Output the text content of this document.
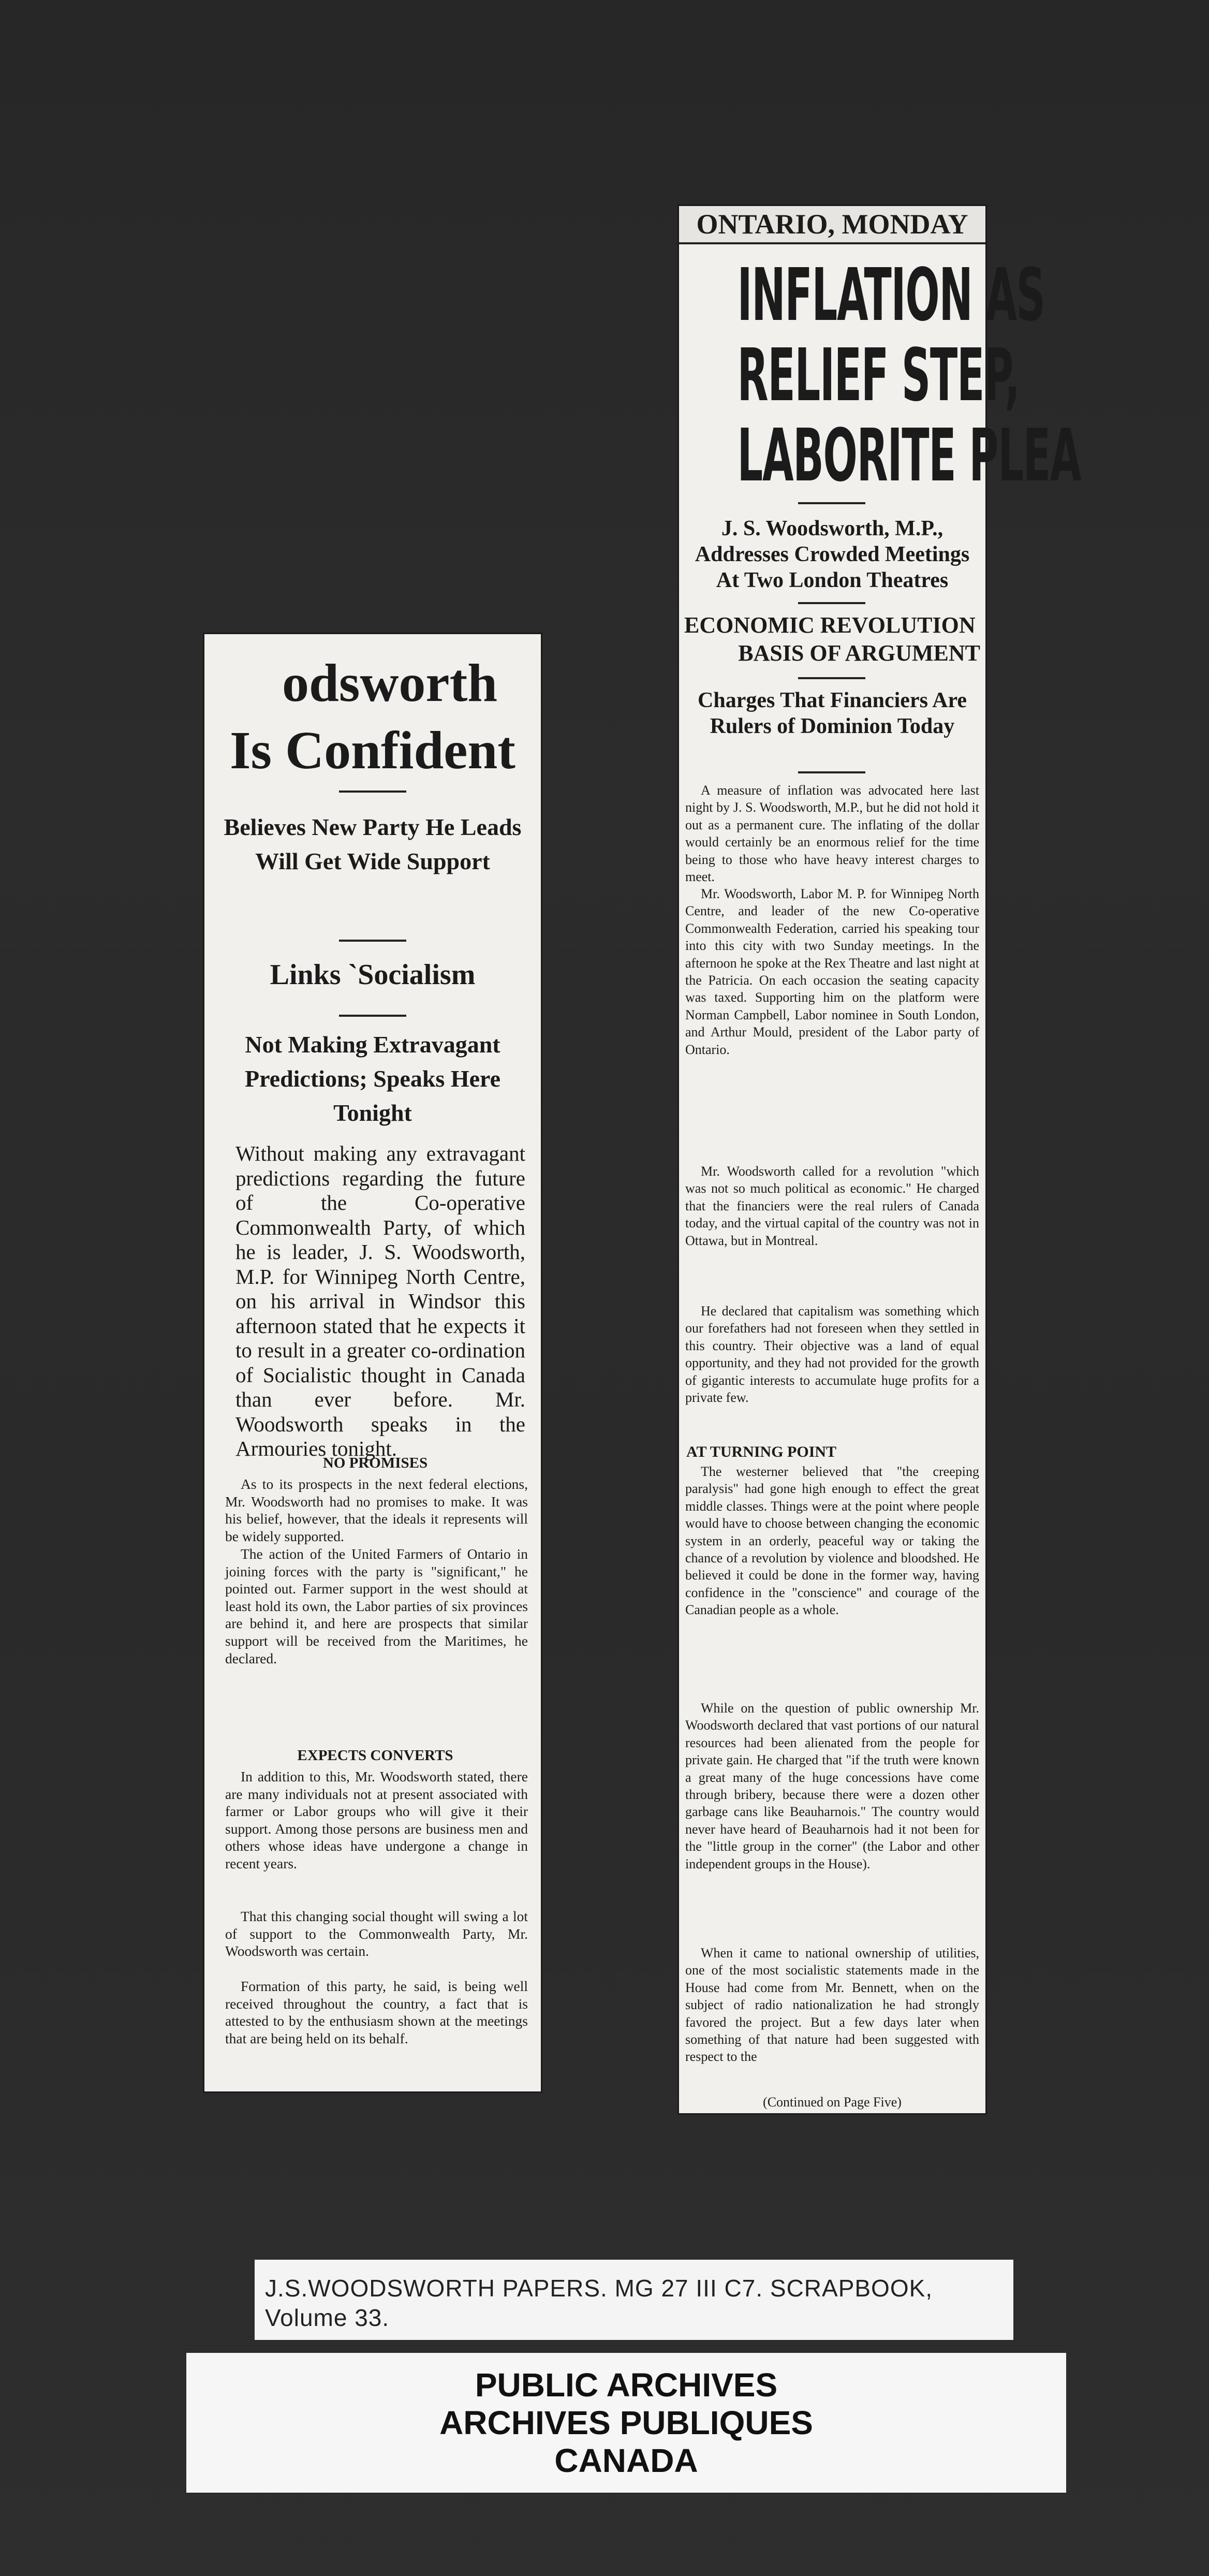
odsworth
Is Confident
Believes New Party He Leads Will Get Wide Support
Links `Socialism
Not Making Extravagant Predictions; Speaks Here Tonight

Without making any extravagant predictions regarding the future of the Co-operative Commonwealth Party, of which he is leader, J. S. Woodsworth, M.P. for Winnipeg North Centre, on his arrival in Windsor this afternoon stated that he expects it to result in a greater co-ordination of Socialistic thought in Canada than ever before. Mr. Woodsworth speaks in the Armouries tonight.

NO PROMISES

As to its prospects in the next federal elections, Mr. Woodsworth had no promises to make. It was his belief, however, that the ideals it represents will be widely supported.

The action of the United Farmers of Ontario in joining forces with the party is "significant," he pointed out. Farmer support in the west should at least hold its own, the Labor parties of six provinces are behind it, and here are prospects that similar support will be received from the Maritimes, he declared.

EXPECTS CONVERTS

In addition to this, Mr. Woodsworth stated, there are many individuals not at present associated with farmer or Labor groups who will give it their support. Among those persons are business men and others whose ideas have undergone a change in recent years.

That this changing social thought will swing a lot of support to the Commonwealth Party, Mr. Woodsworth was certain.

Formation of this party, he said, is being well received throughout the country, a fact that is attested to by the enthusiasm shown at the meetings that are being held on its behalf.

ONTARIO, MONDAY
INFLATION AS
RELIEF STEP,
LABORITE PLEA
J. S. Woodsworth, M.P., Addresses Crowded Meetings At Two London Theatres
ECONOMIC REVOLUTION
BASIS OF ARGUMENT
Charges That Financiers Are Rulers of Dominion Today

A measure of inflation was advocated here last night by J. S. Woodsworth, M.P., but he did not hold it out as a permanent cure. The inflating of the dollar would certainly be an enormous relief for the time being to those who have heavy interest charges to meet.

Mr. Woodsworth, Labor M. P. for Winnipeg North Centre, and leader of the new Co-operative Commonwealth Federation, carried his speaking tour into this city with two Sunday meetings. In the afternoon he spoke at the Rex Theatre and last night at the Patricia. On each occasion the seating capacity was taxed. Supporting him on the platform were Norman Campbell, Labor nominee in South London, and Arthur Mould, president of the Labor party of Ontario.

Mr. Woodsworth called for a revolution "which was not so much political as economic." He charged that the financiers were the real rulers of Canada today, and the virtual capital of the country was not in Ottawa, but in Montreal.

He declared that capitalism was something which our forefathers had not foreseen when they settled in this country. Their objective was a land of equal opportunity, and they had not provided for the growth of gigantic interests to accumulate huge profits for a private few.

AT TURNING POINT

The westerner believed that "the creeping paralysis" had gone high enough to effect the great middle classes. Things were at the point where people would have to choose between changing the economic system in an orderly, peaceful way or taking the chance of a revolution by violence and bloodshed. He believed it could be done in the former way, having confidence in the "conscience" and courage of the Canadian people as a whole.

While on the question of public ownership Mr. Woodsworth declared that vast portions of our natural resources had been alienated from the people for private gain. He charged that "if the truth were known a great many of the huge concessions have come through bribery, because there were a dozen other garbage cans like Beauharnois." The country would never have heard of Beauharnois had it not been for the "little group in the corner" (the Labor and other independent groups in the House).

When it came to national ownership of utilities, one of the most socialistic statements made in the House had come from Mr. Bennett, when on the subject of radio nationalization he had strongly favored the project. But a few days later when something of that nature had been suggested with respect to the

(Continued on Page Five)
J.S.WOODSWORTH PAPERS. MG 27 III C7. SCRAPBOOK,
Volume 33.
PUBLIC ARCHIVES
ARCHIVES PUBLIQUES
CANADA
